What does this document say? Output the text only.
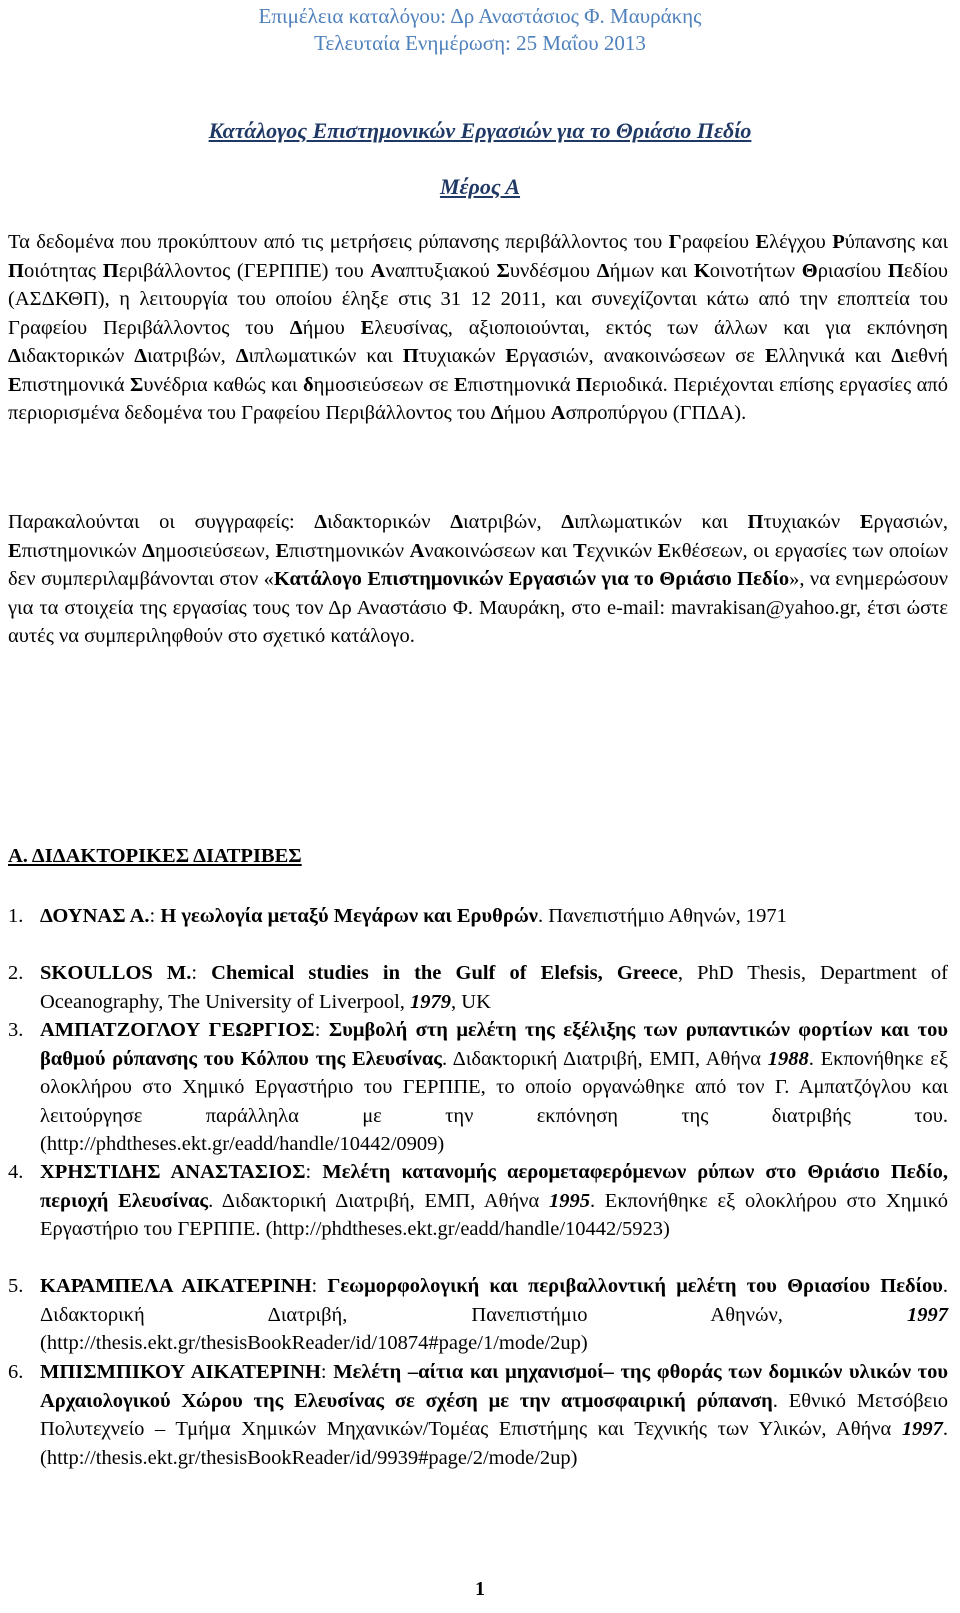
Επιμέλεια καταλόγου: Δρ Αναστάσιος Φ. Μαυράκης
Τελευταία Ενημέρωση: 25 Μαΐου 2013
Κατάλογος Επιστημονικών Εργασιών για το Θριάσιο Πεδίο
Μέρος Α
Τα δεδομένα που προκύπτουν από τις μετρήσεις ρύπανσης περιβάλλοντος του Γραφείου Ελέγχου Ρύπανσης και Ποιότητας Περιβάλλοντος (ΓΕΡΠΠΕ) του Αναπτυξιακού Συνδέσμου Δήμων και Κοινοτήτων Θριασίου Πεδίου (ΑΣΔΚΘΠ), η λειτουργία του οποίου έληξε στις 31 12 2011, και συνεχίζονται κάτω από την εποπτεία του Γραφείου Περιβάλλοντος του Δήμου Ελευσίνας, αξιοποιούνται, εκτός των άλλων και για εκπόνηση Διδακτορικών Διατριβών, Διπλωματικών και Πτυχιακών Εργασιών, ανακοινώσεων σε Ελληνικά και Διεθνή Επιστημονικά Συνέδρια καθώς και δημοσιεύσεων σε Επιστημονικά Περιοδικά. Περιέχονται επίσης εργασίες από περιορισμένα δεδομένα του Γραφείου Περιβάλλοντος του Δήμου Ασπροπύργου (ΓΠΔΑ).
Παρακαλούνται οι συγγραφείς: Διδακτορικών Διατριβών, Διπλωματικών και Πτυχιακών Εργασιών, Επιστημονικών Δημοσιεύσεων, Επιστημονικών Ανακοινώσεων και Τεχνικών Εκθέσεων, οι εργασίες των οποίων δεν συμπεριλαμβάνονται στον «Κατάλογο Επιστημονικών Εργασιών για το Θριάσιο Πεδίο», να ενημερώσουν για τα στοιχεία της εργασίας τους τον Δρ Αναστάσιο Φ. Μαυράκη, στο e-mail: mavrakisan@yahoo.gr, έτσι ώστε αυτές να συμπεριληφθούν στο σχετικό κατάλογο.
Α. ΔΙΔΑΚΤΟΡΙΚΕΣ ΔΙΑΤΡΙΒΕΣ
1. ΔΟΥΝΑΣ Α.: Η γεωλογία μεταξύ Μεγάρων και Ερυθρών. Πανεπιστήμιο Αθηνών, 1971
2. SKOULLOS M.: Chemical studies in the Gulf of Elefsis, Greece, PhD Thesis, Department of Oceanography, The University of Liverpool, 1979, UK
3. ΑΜΠΑΤΖΟΓΛΟΥ ΓΕΩΡΓΙΟΣ: Συμβολή στη μελέτη της εξέλιξης των ρυπαντικών φορτίων και του βαθμού ρύπανσης του Κόλπου της Ελευσίνας. Διδακτορική Διατριβή, ΕΜΠ, Αθήνα 1988. Εκπονήθηκε εξ ολοκλήρου στο Χημικό Εργαστήριο του ΓΕΡΠΠΕ, το οποίο οργανώθηκε από τον Γ. Αμπατζόγλου και λειτούργησε παράλληλα με την εκπόνηση της διατριβής του. (http://phdtheses.ekt.gr/eadd/handle/10442/0909)
4. ΧΡΗΣΤΙΔΗΣ ΑΝΑΣΤΑΣΙΟΣ: Μελέτη κατανομής αερομεταφερόμενων ρύπων στο Θριάσιο Πεδίο, περιοχή Ελευσίνας. Διδακτορική Διατριβή, ΕΜΠ, Αθήνα 1995. Εκπονήθηκε εξ ολοκλήρου στο Χημικό Εργαστήριο του ΓΕΡΠΠΕ. (http://phdtheses.ekt.gr/eadd/handle/10442/5923)
5. ΚΑΡΑΜΠΕΛΑ ΑΙΚΑΤΕΡΙΝΗ: Γεωμορφολογική και περιβαλλοντική μελέτη του Θριασίου Πεδίου. Διδακτορική Διατριβή, Πανεπιστήμιο Αθηνών, 1997 (http://thesis.ekt.gr/thesisBookReader/id/10874#page/1/mode/2up)
6. ΜΠΙΣΜΠΙΚΟΥ ΑΙΚΑΤΕΡΙΝΗ: Μελέτη –αίτια και μηχανισμοί– της φθοράς των δομικών υλικών του Αρχαιολογικού Χώρου της Ελευσίνας σε σχέση με την ατμοσφαιρική ρύπανση. Εθνικό Μετσόβειο Πολυτεχνείο – Τμήμα Χημικών Μηχανικών/Τομέας Επιστήμης και Τεχνικής των Υλικών, Αθήνα 1997. (http://thesis.ekt.gr/thesisBookReader/id/9939#page/2/mode/2up)
1
